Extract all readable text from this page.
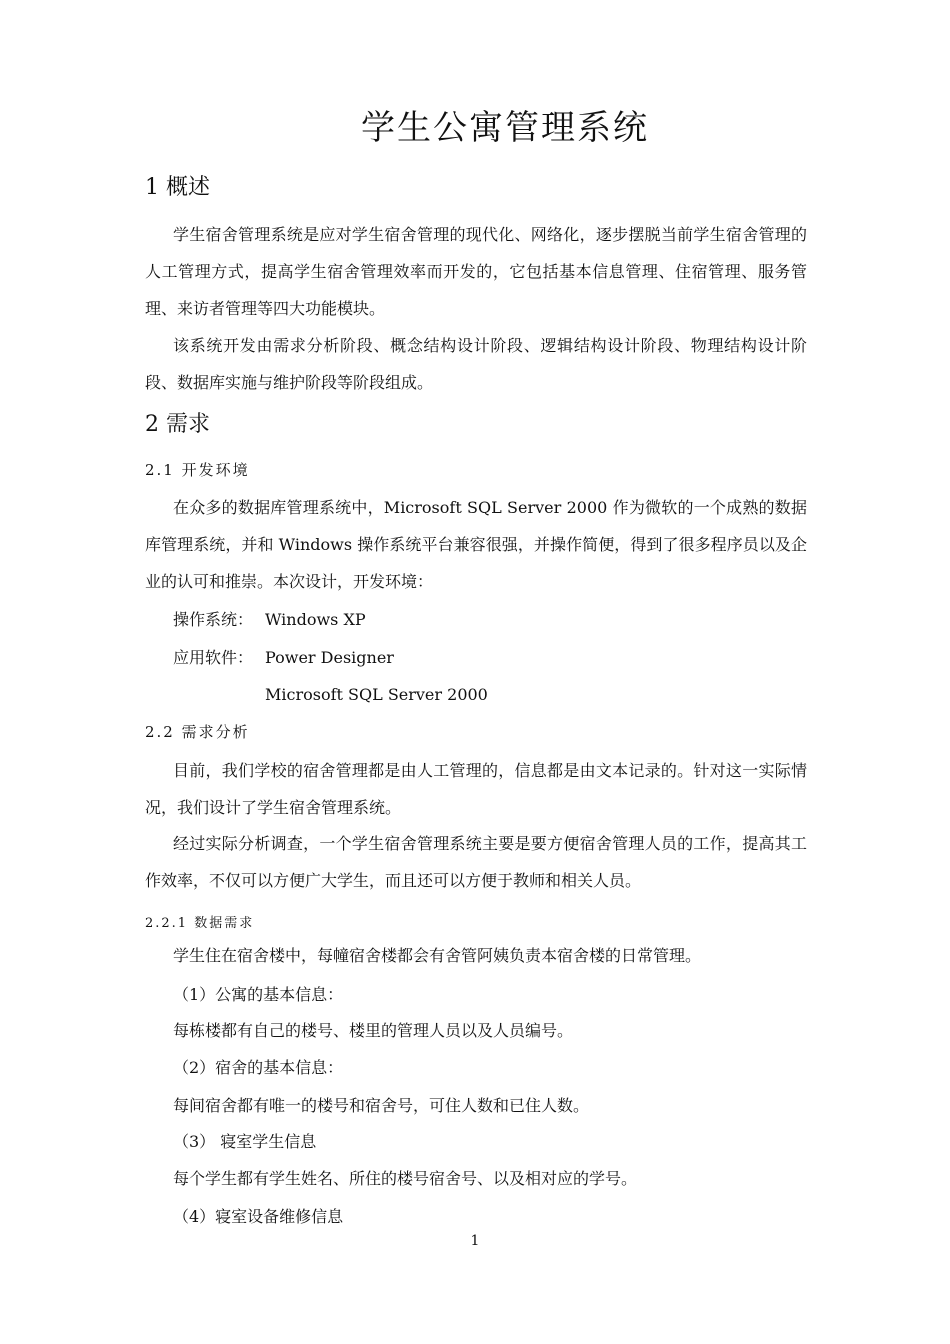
学生公寓管理系统
1 概述

学生宿舍管理系统是应对学生宿舍管理的现代化、网络化，逐步摆脱当前学生宿舍管理的人工管理方式，提高学生宿舍管理效率而开发的，它包括基本信息管理、住宿管理、服务管理、来访者管理等四大功能模块。

该系统开发由需求分析阶段、概念结构设计阶段、逻辑结构设计阶段、物理结构设计阶段、数据库实施与维护阶段等阶段组成。

2 需求
2.1 开发环境

在众多的数据库管理系统中，Microsoft SQL Server 2000 作为微软的一个成熟的数据库管理系统，并和 Windows 操作系统平台兼容很强，并操作简便，得到了很多程序员以及企业的认可和推崇。本次设计，开发环境：

操作系统： Windows XP
应用软件： Power Designer
Microsoft SQL Server 2000
2.2 需求分析

目前，我们学校的宿舍管理都是由人工管理的，信息都是由文本记录的。针对这一实际情况，我们设计了学生宿舍管理系统。

经过实际分析调查，一个学生宿舍管理系统主要是要方便宿舍管理人员的工作，提高其工作效率，不仅可以方便广大学生，而且还可以方便于教师和相关人员。

2.2.1 数据需求
学生住在宿舍楼中，每幢宿舍楼都会有舍管阿姨负责本宿舍楼的日常管理。
（1）公寓的基本信息：
每栋楼都有自己的楼号、楼里的管理人员以及人员编号。
（2）宿舍的基本信息：
每间宿舍都有唯一的楼号和宿舍号，可住人数和已住人数。
（3） 寝室学生信息
每个学生都有学生姓名、所住的楼号宿舍号、以及相对应的学号。
（4）寝室设备维修信息
1
